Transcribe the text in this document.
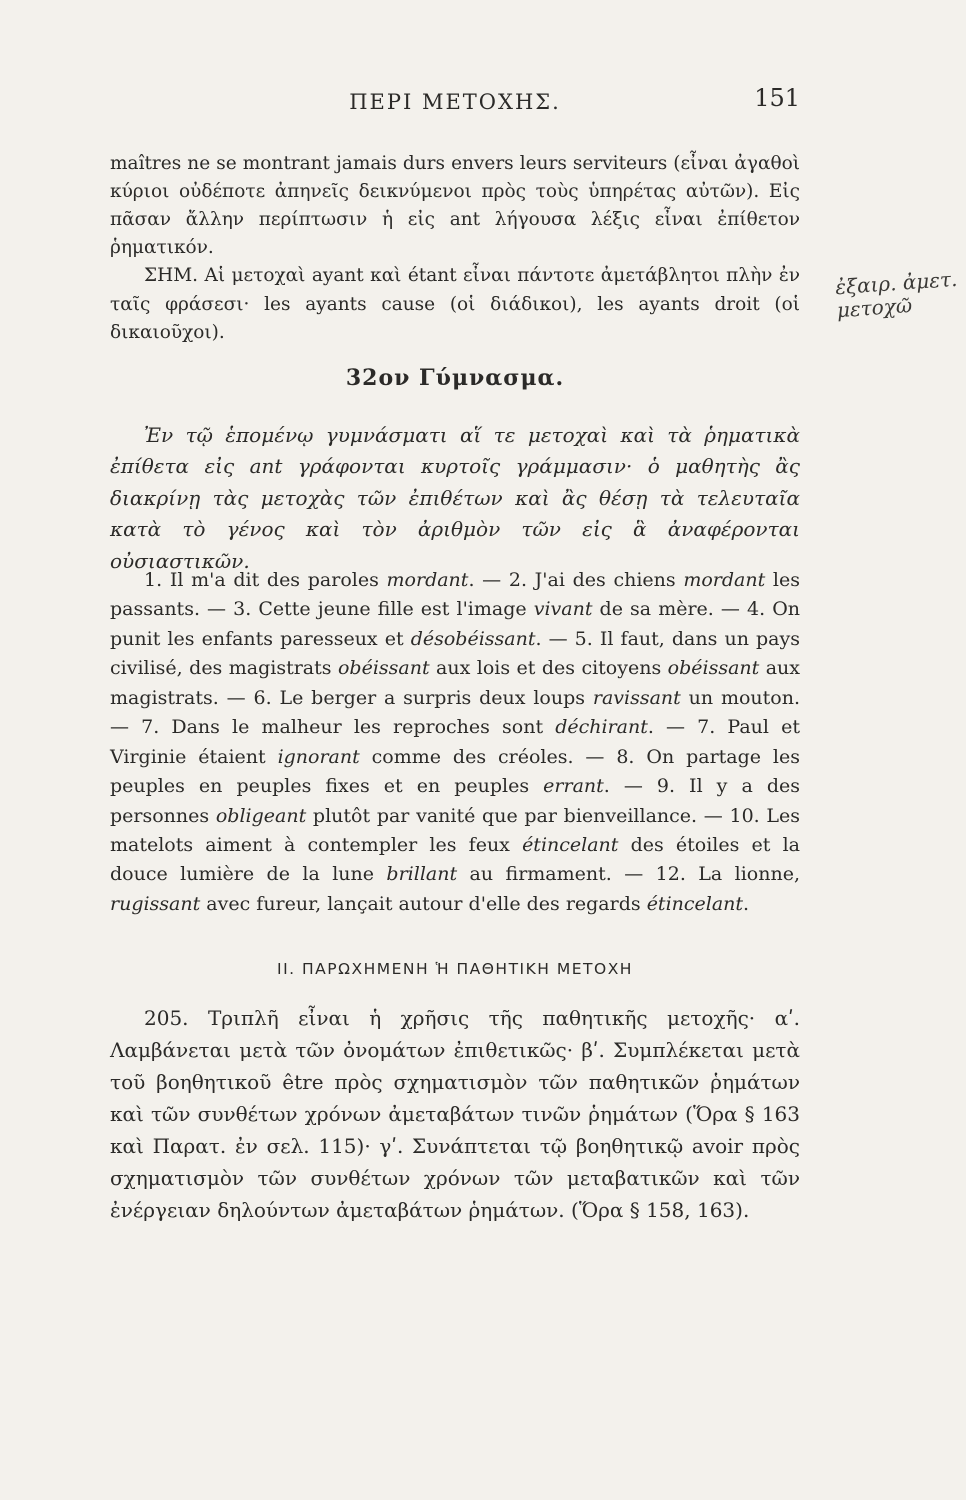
ΠΕΡΙ ΜΕΤΟΧΗΣ.	151

maîtres ne se montrant jamais durs envers leurs serviteurs (εἶναι ἀγαθοὶ κύριοι οὐδέποτε ἀπηνεῖς δεικνύμενοι πρὸς τοὺς ὑπηρέτας αὐτῶν). Εἰς πᾶσαν ἄλλην περίπτωσιν ἡ εἰς ant λήγουσα λέξις εἶναι ἐπίθετον ῥηματικόν.

ΣΗΜ. Αἱ μετοχαὶ ayant καὶ étant εἶναι πάντοτε ἀμετάβλητοι πλὴν ἐν ταῖς φράσεσι· les ayants cause (οἱ διάδικοι), les ayants droit (οἱ δικαιοῦχοι).

ἐξαιρ. ἀμετ.
μετοχῶ
32ον Γύμνασμα.

Ἐν τῷ ἑπομένῳ γυμνάσματι αἵ τε μετοχαὶ καὶ τὰ ῥηματικὰ ἐπίθετα εἰς ant γράφονται κυρτοῖς γράμμασιν· ὁ μαθητὴς ἂς διακρίνῃ τὰς μετοχὰς τῶν ἐπιθέτων καὶ ἂς θέσῃ τὰ τελευταῖα κατὰ τὸ γένος καὶ τὸν ἀριθμὸν τῶν εἰς ἃ ἀναφέρονται οὐσιαστικῶν.

1. Il m'a dit des paroles mordant. — 2. J'ai des chiens mordant les passants. — 3. Cette jeune fille est l'image vivant de sa mère. — 4. On punit les enfants paresseux et désobéissant. — 5. Il faut, dans un pays civilisé, des magistrats obéissant aux lois et des citoyens obéissant aux magistrats. — 6. Le berger a surpris deux loups ravissant un mouton. — 7. Dans le malheur les reproches sont déchirant. — 7. Paul et Virginie étaient ignorant comme des créoles. — 8. On partage les peuples en peuples fixes et en peuples errant. — 9. Il y a des personnes obligeant plutôt par vanité que par bienveillance. — 10. Les matelots aiment à contempler les feux étincelant des étoiles et la douce lumière de la lune brillant au firmament. — 12. La lionne, rugissant avec fureur, lançait autour d'elle des regards étincelant.

II. ΠΑΡΩΧΗΜΕΝΗ Ἡ ΠΑΘΗΤΙΚΗ ΜΕΤΟΧΗ

205. Τριπλῆ εἶναι ἡ χρῆσις τῆς παθητικῆς μετοχῆς· αʹ. Λαμβάνεται μετὰ τῶν ὀνομάτων ἐπιθετικῶς· βʹ. Συμπλέκεται μετὰ τοῦ βοηθητικοῦ être πρὸς σχηματισμὸν τῶν παθητικῶν ῥημάτων καὶ τῶν συνθέτων χρόνων ἀμεταβάτων τινῶν ῥημάτων (Ὅρα § 163 καὶ Παρατ. ἐν σελ. 115)· γʹ. Συνάπτεται τῷ βοηθητικῷ avoir πρὸς σχηματισμὸν τῶν συνθέτων χρόνων τῶν μεταβατικῶν καὶ τῶν ἐνέργειαν δηλούντων ἀμεταβάτων ῥημάτων. (Ὅρα § 158, 163).
